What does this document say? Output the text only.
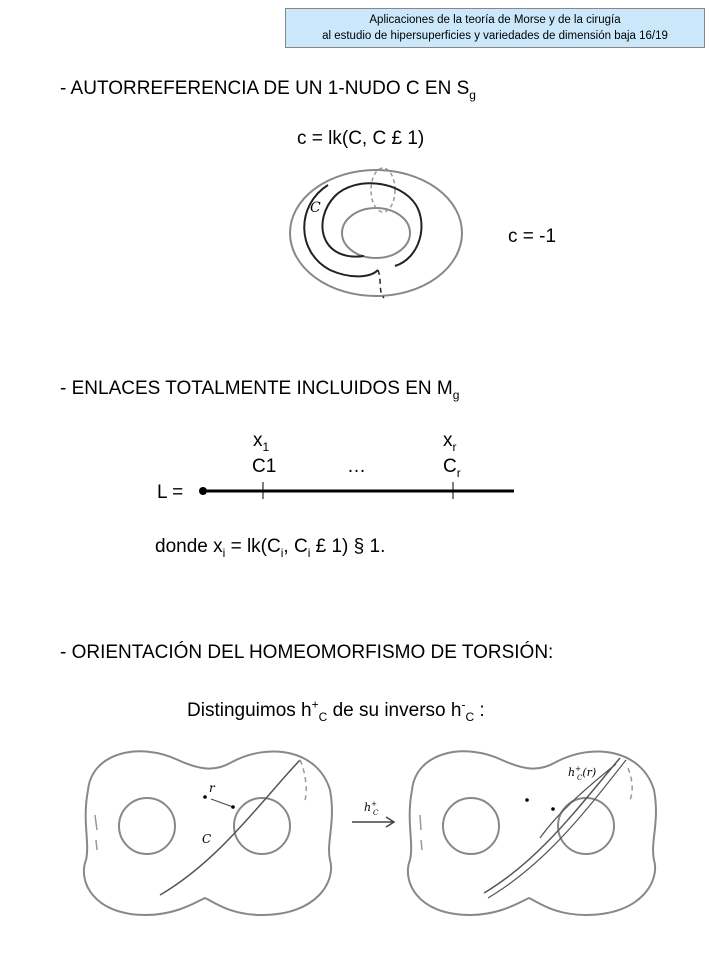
Aplicaciones de la teoría de Morse y de la cirugía
al estudio de hipersuperficies y variedades de dimensión baja 16/19
- AUTORREFERENCIA DE UN 1-NUDO C EN $S_g$
c = lk(C, C £ 1)
c = -1
C
- ENLACES TOTALMENTE INCLUIDOS EN $M_g$
$x_1$	$x_r$
C1	…	$C_r$
L =
donde $x_i = lk(C_i$, $C_i$ £ 1) § 1.
- ORIENTACIÓN DEL HOMEOMORFISMO DE TORSIÓN:
Distinguimos $h^+_C$ de su inverso $h^-_C$ :
r
C
h+ C
h+ C(r)
